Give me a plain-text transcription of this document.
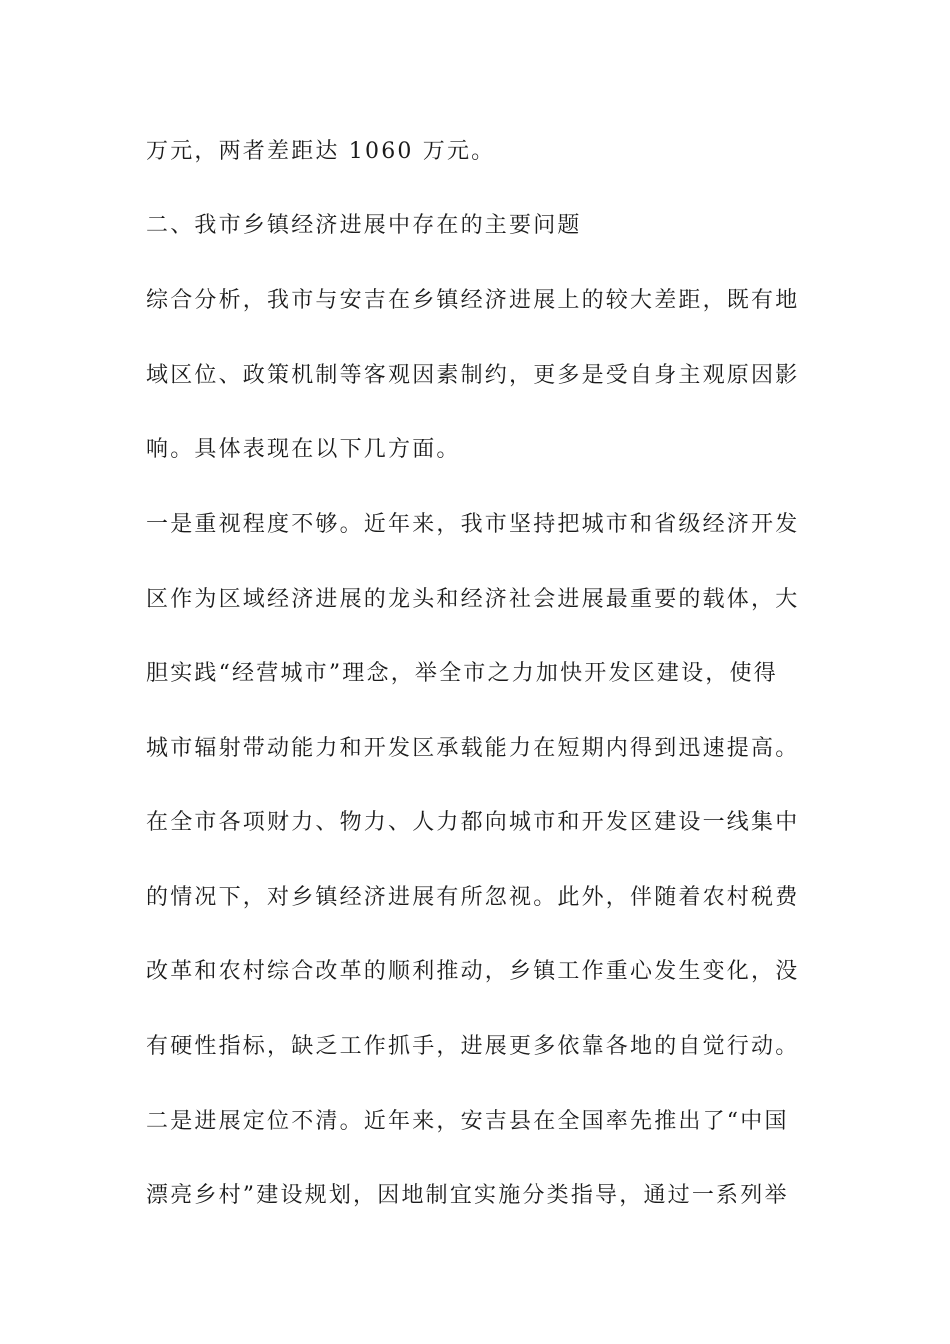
万元，两者差距达 1060 万元。
二、我市乡镇经济进展中存在的主要问题
综合分析，我市与安吉在乡镇经济进展上的较大差距，既有地
域区位、政策机制等客观因素制约，更多是受自身主观原因影
响。具体表现在以下几方面。
一是重视程度不够。近年来，我市坚持把城市和省级经济开发
区作为区域经济进展的龙头和经济社会进展最重要的载体，大
胆实践“经营城市”理念，举全市之力加快开发区建设，使得
城市辐射带动能力和开发区承载能力在短期内得到迅速提高。
在全市各项财力、物力、人力都向城市和开发区建设一线集中
的情况下，对乡镇经济进展有所忽视。此外，伴随着农村税费
改革和农村综合改革的顺利推动，乡镇工作重心发生变化，没
有硬性指标，缺乏工作抓手，进展更多依靠各地的自觉行动。
二是进展定位不清。近年来，安吉县在全国率先推出了“中国
漂亮乡村”建设规划，因地制宜实施分类指导，通过一系列举
